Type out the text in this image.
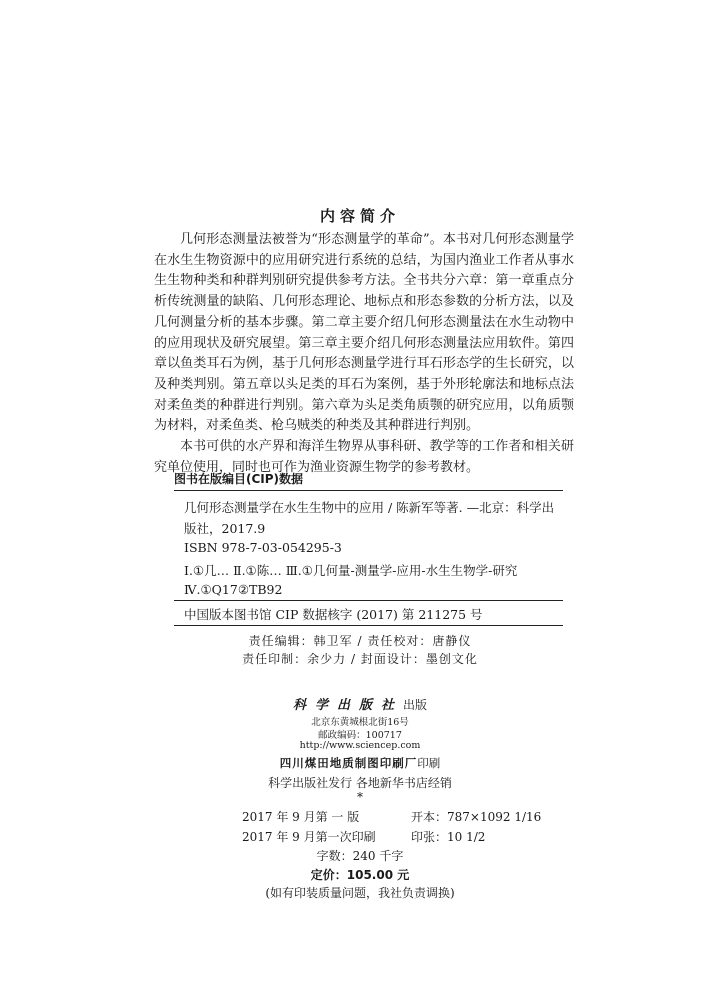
内容简介

几何形态测量法被誉为“形态测量学的革命”。本书对几何形态测量学在水生生物资源中的应用研究进行系统的总结，为国内渔业工作者从事水生生物种类和种群判别研究提供参考方法。全书共分六章：第一章重点分析传统测量的缺陷、几何形态理论、地标点和形态参数的分析方法，以及几何测量分析的基本步骤。第二章主要介绍几何形态测量法在水生动物中的应用现状及研究展望。第三章主要介绍几何形态测量法应用软件。第四章以鱼类耳石为例，基于几何形态测量学进行耳石形态学的生长研究，以及种类判别。第五章以头足类的耳石为案例，基于外形轮廓法和地标点法对柔鱼类的种群进行判别。第六章为头足类角质颚的研究应用，以角质颚为材料，对柔鱼类、枪乌贼类的种类及其种群进行判别。

本书可供的水产界和海洋生物界从事科研、教学等的工作者和相关研究单位使用，同时也可作为渔业资源生物学的参考教材。

图书在版编目(CIP)数据
几何形态测量学在水生生物中的应用 / 陈新军等著. —北京：科学出
版社，2017.9
ISBN 978-7-03-054295-3
Ⅰ.①几… Ⅱ.①陈… Ⅲ.①几何量-测量学-应用-水生生物学-研究
Ⅳ.①Q17②TB92
中国版本图书馆 CIP 数据核字 (2017) 第 211275 号
责任编辑：韩卫军 / 责任校对：唐静仪
责任印制：余少力 / 封面设计：墨创文化
科学出版社出版
北京东黄城根北街16号
邮政编码：100717
http://www.sciencep.com
四川煤田地质制图印刷厂印刷
科学出版社发行 各地新华书店经销
*
2017 年 9 月第 一 版	开本：787×1092 1/16
2017 年 9 月第一次印刷	印张：10 1/2
字数：240 千字
定价：105.00 元
(如有印装质量问题，我社负责调换)
